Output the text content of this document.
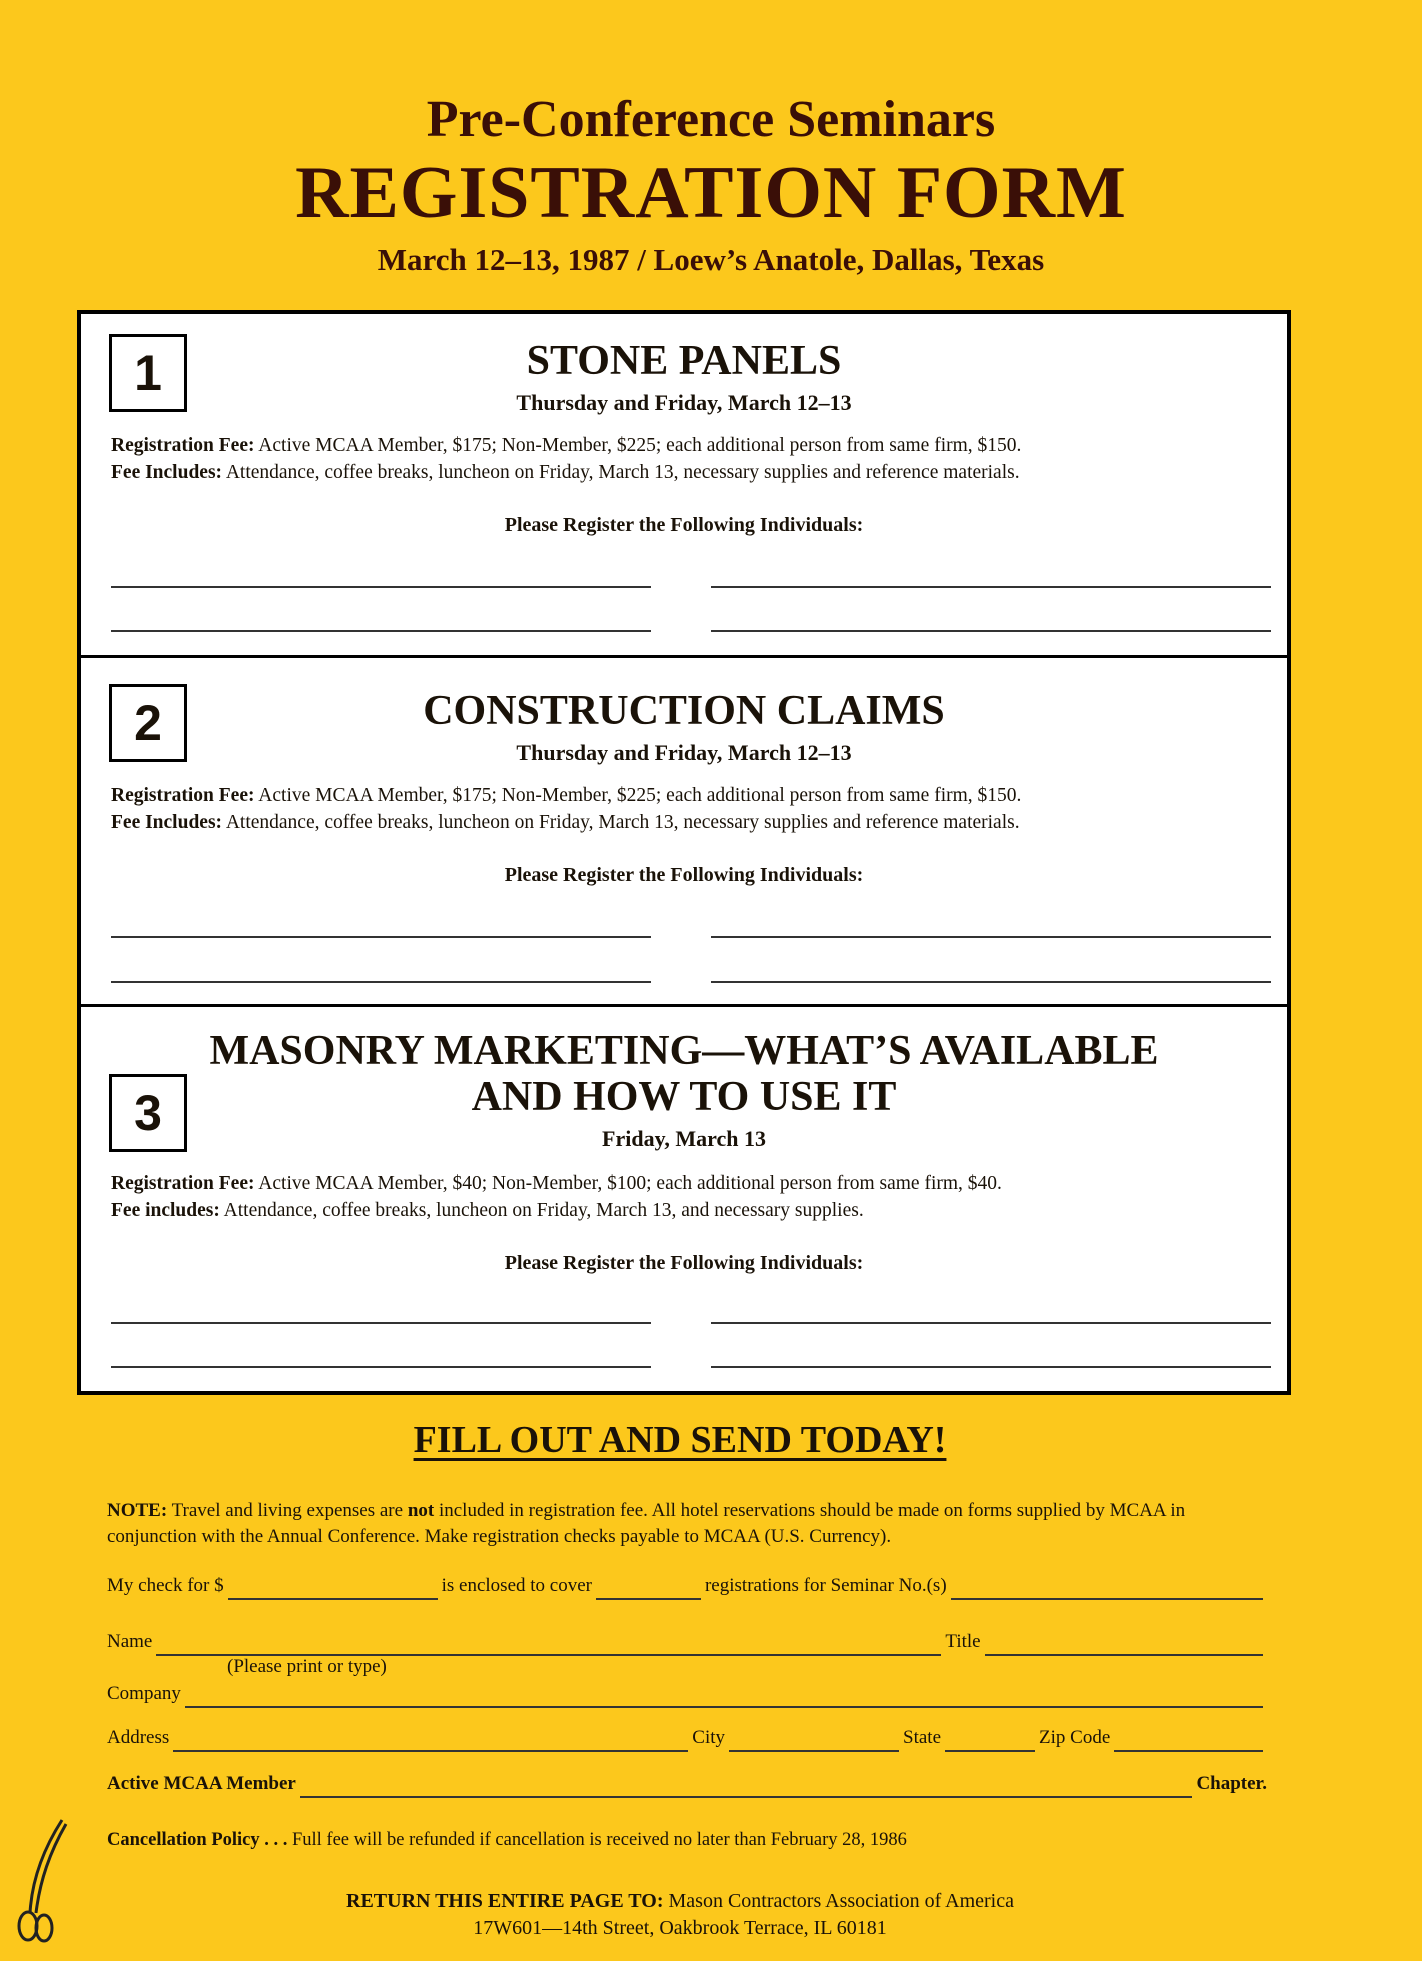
Pre-Conference Seminars
REGISTRATION FORM
March 12–13, 1987 / Loew’s Anatole, Dallas, Texas
1	STONE PANELS
Thursday and Friday, March 12–13
Registration Fee: Active MCAA Member, $175; Non-Member, $225; each additional person from same firm, $150.
Fee Includes: Attendance, coffee breaks, luncheon on Friday, March 13, necessary supplies and reference materials.
Please Register the Following Individuals:
2	CONSTRUCTION CLAIMS
Thursday and Friday, March 12–13
Registration Fee: Active MCAA Member, $175; Non-Member, $225; each additional person from same firm, $150.
Fee Includes: Attendance, coffee breaks, luncheon on Friday, March 13, necessary supplies and reference materials.
Please Register the Following Individuals:
3
MASONRY MARKETING—WHAT’S AVAILABLE
AND HOW TO USE IT
Friday, March 13
Registration Fee: Active MCAA Member, $40; Non-Member, $100; each additional person from same firm, $40.
Fee includes: Attendance, coffee breaks, luncheon on Friday, March 13, and necessary supplies.
Please Register the Following Individuals:
FILL OUT AND SEND TODAY!
NOTE: Travel and living expenses are not included in registration fee. All hotel reservations should be made on forms supplied by MCAA in conjunction with the Annual Conference. Make registration checks payable to MCAA (U.S. Currency).
My check for $	is enclosed to cover	registrations for Seminar No.(s)
Name	Title
(Please print or type)
Company
Address	City	State	Zip Code
Active MCAA Member	Chapter.
Cancellation Policy . . . Full fee will be refunded if cancellation is received no later than February 28, 1986
RETURN THIS ENTIRE PAGE TO: Mason Contractors Association of America
17W601—14th Street, Oakbrook Terrace, IL 60181
